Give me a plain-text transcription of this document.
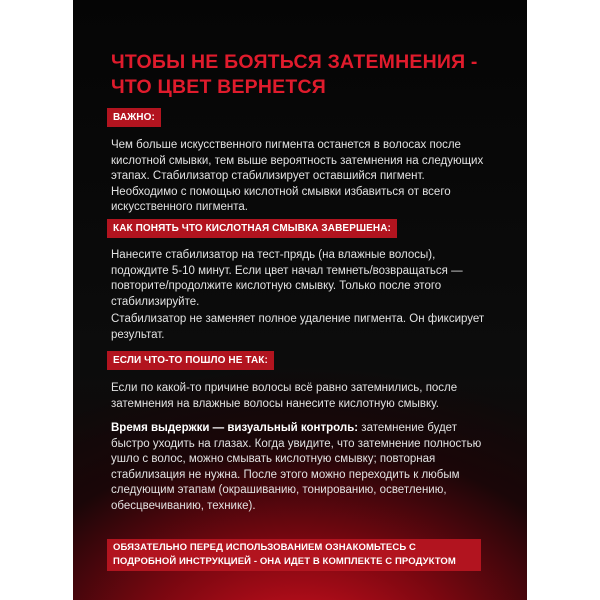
ЧТОБЫ НЕ БОЯТЬСЯ ЗАТЕМНЕНИЯ - ЧТО ЦВЕТ ВЕРНЕТСЯ
ВАЖНО:

Чем больше искусственного пигмента останется в волосах после кислотной смывки, тем выше вероятность затемнения на следующих этапах. Стабилизатор стабилизирует оставшийся пигмент. Необходимо с помощью кислотной смывки избавиться от всего искусственного пигмента.

КАК ПОНЯТЬ ЧТО КИСЛОТНАЯ СМЫВКА ЗАВЕРШЕНА:

Нанесите стабилизатор на тест-прядь (на влажные волосы), подождите 5-10 минут. Если цвет начал темнеть/возвращаться — повторите/продолжите кислотную смывку. Только после этого стабилизируйте.

Стабилизатор не заменяет полное удаление пигмента. Он фиксирует результат.

ЕСЛИ ЧТО-ТО ПОШЛО НЕ ТАК:

Если по какой-то причине волосы всё равно затемнились, после затемнения на влажные волосы нанесите кислотную смывку.

Время выдержки — визуальный контроль: затемнение будет быстро уходить на глазах. Когда увидите, что затемнение полностью ушло с волос, можно смывать кислотную смывку; повторная стабилизация не нужна. После этого можно переходить к любым следующим этапам (окрашиванию, тонированию, осветлению, обесцвечиванию, технике).

ОБЯЗАТЕЛЬНО ПЕРЕД ИСПОЛЬЗОВАНИЕМ ОЗНАКОМЬТЕСЬ С ПОДРОБНОЙ ИНСТРУКЦИЕЙ - ОНА ИДЕТ В КОМПЛЕКТЕ С ПРОДУКТОМ
